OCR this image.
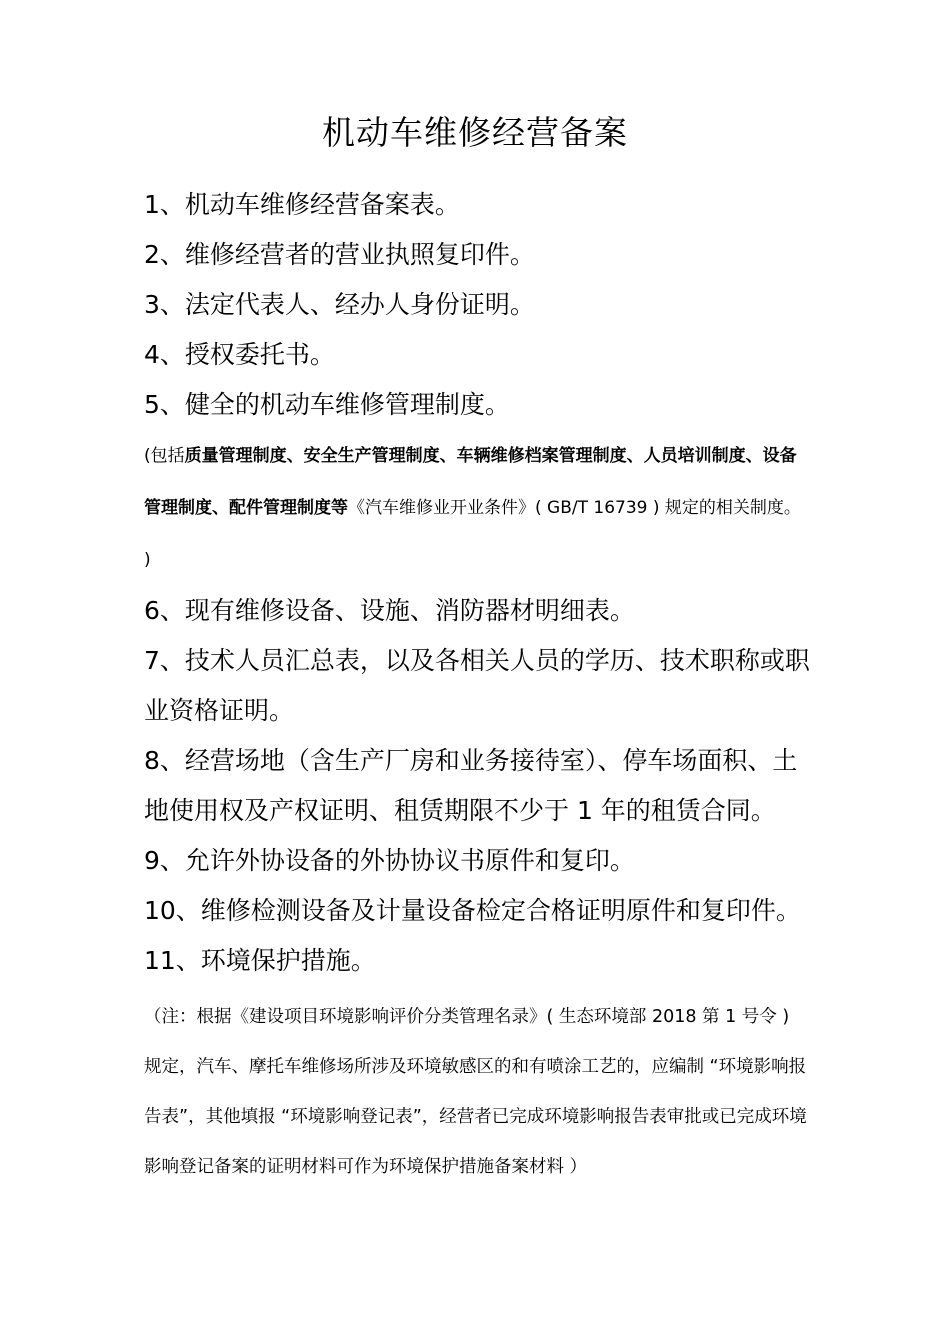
机动车维修经营备案

1、机动车维修经营备案表。

2、维修经营者的营业执照复印件。

3、法定代表人、经办人身份证明。

4、授权委托书。

5、健全的机动车维修管理制度。

(包括质量管理制度、安全生产管理制度、车辆维修档案管理制度、人员培训制度、设备管理制度、配件管理制度等《汽车维修业开业条件》( GB/T 16739 ) 规定的相关制度。 )

6、现有维修设备、设施、消防器材明细表。

7、技术人员汇总表，以及各相关人员的学历、技术职称或职业资格证明。

8、经营场地（含生产厂房和业务接待室）、停车场面积、土地使用权及产权证明、租赁期限不少于 1 年的租赁合同。

9、允许外协设备的外协协议书原件和复印。

10、维修检测设备及计量设备检定合格证明原件和复印件。

11、环境保护措施。

（注：根据《建设项目环境影响评价分类管理名录》( 生态环境部 2018 第 1 号令 ) 规定，汽车、摩托车维修场所涉及环境敏感区的和有喷涂工艺的，应编制 “环境影响报告表”，其他填报 “环境影响登记表”，经营者已完成环境影响报告表审批或已完成环境影响登记备案的证明材料可作为环境保护措施备案材料 ）
